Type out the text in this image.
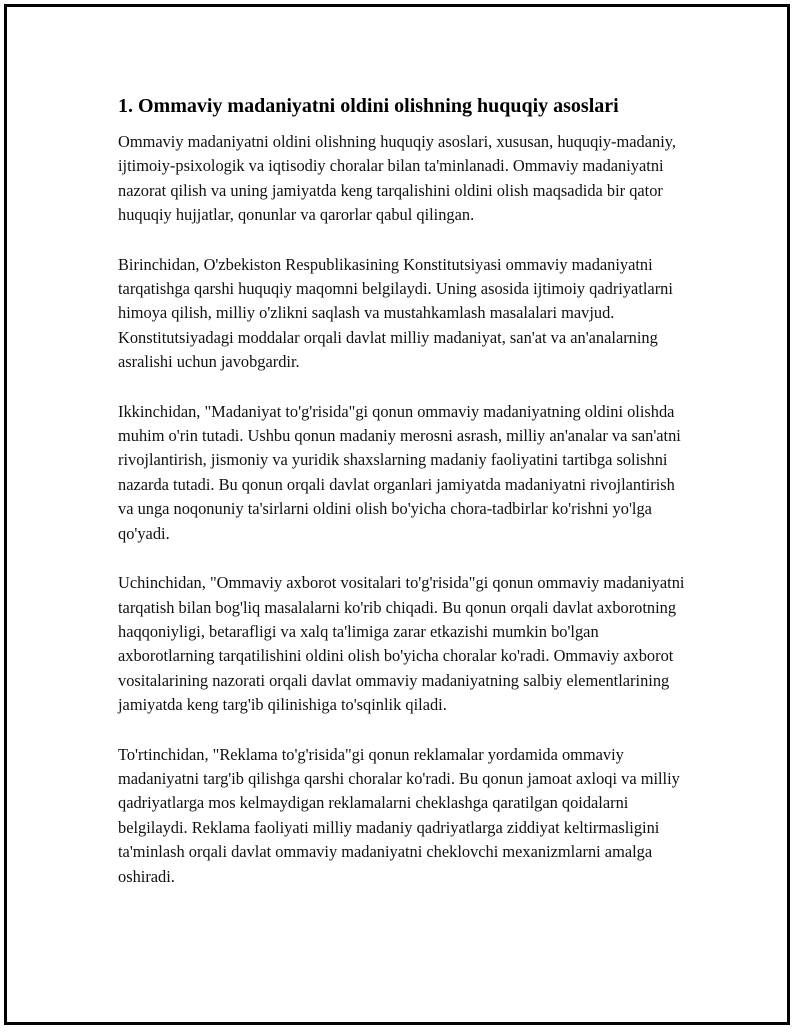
1. Ommaviy madaniyatni oldini olishning huquqiy asoslari

Ommaviy madaniyatni oldini olishning huquqiy asoslari, xususan, huquqiy-madaniy, ijtimoiy-psixologik va iqtisodiy choralar bilan ta'minlanadi. Ommaviy madaniyatni nazorat qilish va uning jamiyatda keng tarqalishini oldini olish maqsadida bir qator huquqiy hujjatlar, qonunlar va qarorlar qabul qilingan.

Birinchidan, O'zbekiston Respublikasining Konstitutsiyasi ommaviy madaniyatni tarqatishga qarshi huquqiy maqomni belgilaydi. Uning asosida ijtimoiy qadriyatlarni himoya qilish, milliy o'zlikni saqlash va mustahkamlash masalalari mavjud. Konstitutsiyadagi moddalar orqali davlat milliy madaniyat, san'at va an'analarning asralishi uchun javobgardir.

Ikkinchidan, "Madaniyat to'g'risida"gi qonun ommaviy madaniyatning oldini olishda muhim o'rin tutadi. Ushbu qonun madaniy merosni asrash, milliy an'analar va san'atni rivojlantirish, jismoniy va yuridik shaxslarning madaniy faoliyatini tartibga solishni nazarda tutadi. Bu qonun orqali davlat organlari jamiyatda madaniyatni rivojlantirish va unga noqonuniy ta'sirlarni oldini olish bo'yicha chora-tadbirlar ko'rishni yo'lga qo'yadi.

Uchinchidan, "Ommaviy axborot vositalari to'g'risida"gi qonun ommaviy madaniyatni tarqatish bilan bog'liq masalalarni ko'rib chiqadi. Bu qonun orqali davlat axborotning haqqoniyligi, betarafligi va xalq ta'limiga zarar etkazishi mumkin bo'lgan axborotlarning tarqatilishini oldini olish bo'yicha choralar ko'radi. Ommaviy axborot vositalarining nazorati orqali davlat ommaviy madaniyatning salbiy elementlarining jamiyatda keng targ'ib qilinishiga to'sqinlik qiladi.

To'rtinchidan, "Reklama to'g'risida"gi qonun reklamalar yordamida ommaviy madaniyatni targ'ib qilishga qarshi choralar ko'radi. Bu qonun jamoat axloqi va milliy qadriyatlarga mos kelmaydigan reklamalarni cheklashga qaratilgan qoidalarni belgilaydi. Reklama faoliyati milliy madaniy qadriyatlarga ziddiyat keltirmasligini ta'minlash orqali davlat ommaviy madaniyatni cheklovchi mexanizmlarni amalga oshiradi.
